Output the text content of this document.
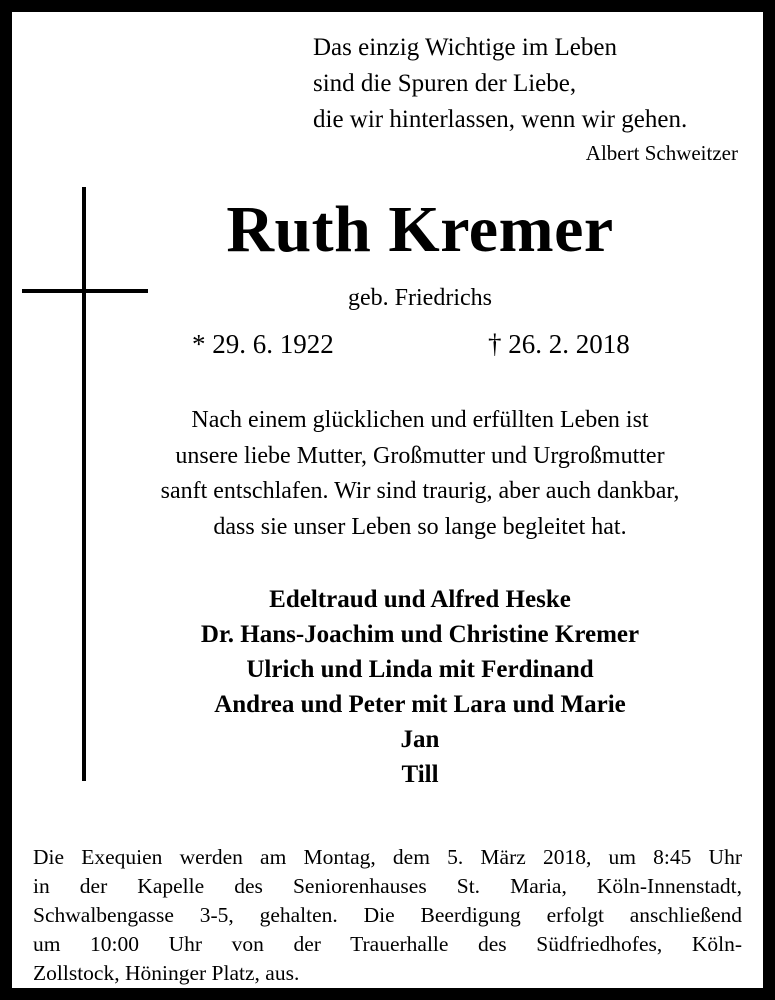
Das einzig Wichtige im Leben
sind die Spuren der Liebe,
die wir hinterlassen, wenn wir gehen.
Albert Schweitzer
Ruth Kremer
geb. Friedrichs
* 29. 6. 1922	† 26. 2. 2018
Nach einem glücklichen und erfüllten Leben ist
unsere liebe Mutter, Großmutter und Urgroßmutter
sanft entschlafen. Wir sind traurig, aber auch dankbar,
dass sie unser Leben so lange begleitet hat.
Edeltraud und Alfred Heske
Dr. Hans-Joachim und Christine Kremer
Ulrich und Linda mit Ferdinand
Andrea und Peter mit Lara und Marie
Jan
Till
Die Exequien werden am Montag, dem 5. März 2018, um 8:45 Uhr
in der Kapelle des Seniorenhauses St. Maria, Köln-Innenstadt,
Schwalbengasse 3-5, gehalten. Die Beerdigung erfolgt anschließend
um 10:00 Uhr von der Trauerhalle des Südfriedhofes, Köln-
Zollstock, Höninger Platz, aus.
